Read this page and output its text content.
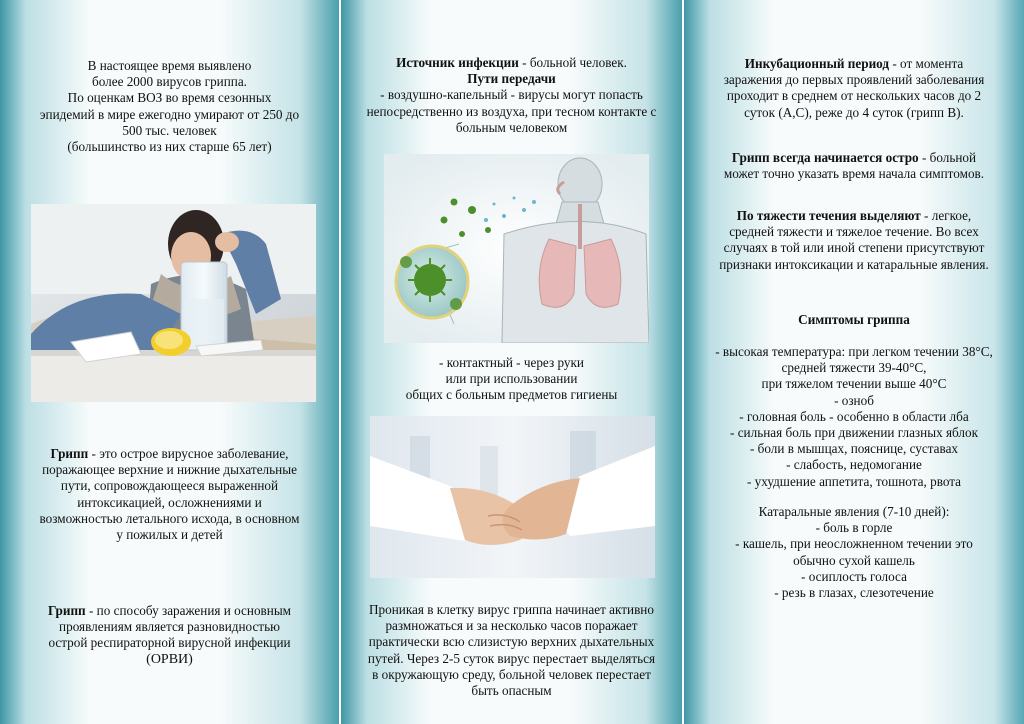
В настоящее время выявлено

более 2000 вирусов гриппа.

По оценкам ВОЗ во время сезонных

эпидемий в мире ежегодно умирают от 250 до

500 тыс. человек

(большинство из них старше 65 лет)

Грипп - это острое вирусное заболевание,

поражающее верхние и нижние дыхательные

пути, сопровождающееся выраженной

интоксикацией, осложнениями и

возможностью летального исхода, в основном

у пожилых и детей

Грипп - по способу заражения и основным

проявлениям является разновидностью

острой респираторной вирусной инфекции

(ОРВИ)

Источник инфекции - больной человек.

Пути передачи

- воздушно-капельный - вирусы могут попасть

непосредственно из воздуха, при тесном контакте с

больным человеком

- контактный - через руки

или при использовании

общих с больным предметов гигиены

Проникая в клетку вирус гриппа начинает активно

размножаться и за несколько часов поражает

практически всю слизистую верхних дыхательных

путей. Через 2-5 суток вирус перестает выделяться

в окружающую среду, больной человек перестает

быть опасным

Инкубационный период - от момента

заражения до первых проявлений заболевания

проходит в среднем от нескольких часов до 2

суток (А,С), реже до 4 суток (грипп В).

Грипп всегда начинается остро - больной

может точно указать время начала симптомов.

По тяжести течения выделяют - легкое,

средней тяжести и тяжелое течение. Во всех

случаях в той или иной степени присутствуют

признаки интоксикации и катаральные явления.

Симптомы гриппа

- высокая температура: при легком течении 38°С,

средней тяжести 39-40°С,

при тяжелом течении выше 40°С

- озноб

- головная боль - особенно в области лба

- сильная боль при движении глазных яблок

- боли в мышцах, пояснице, суставах

- слабость, недомогание

- ухудшение аппетита, тошнота, рвота

Катаральные явления (7-10 дней):

- боль в горле

- кашель, при неосложненном течении это

обычно сухой кашель

- осиплость голоса

- резь в глазах, слезотечение
